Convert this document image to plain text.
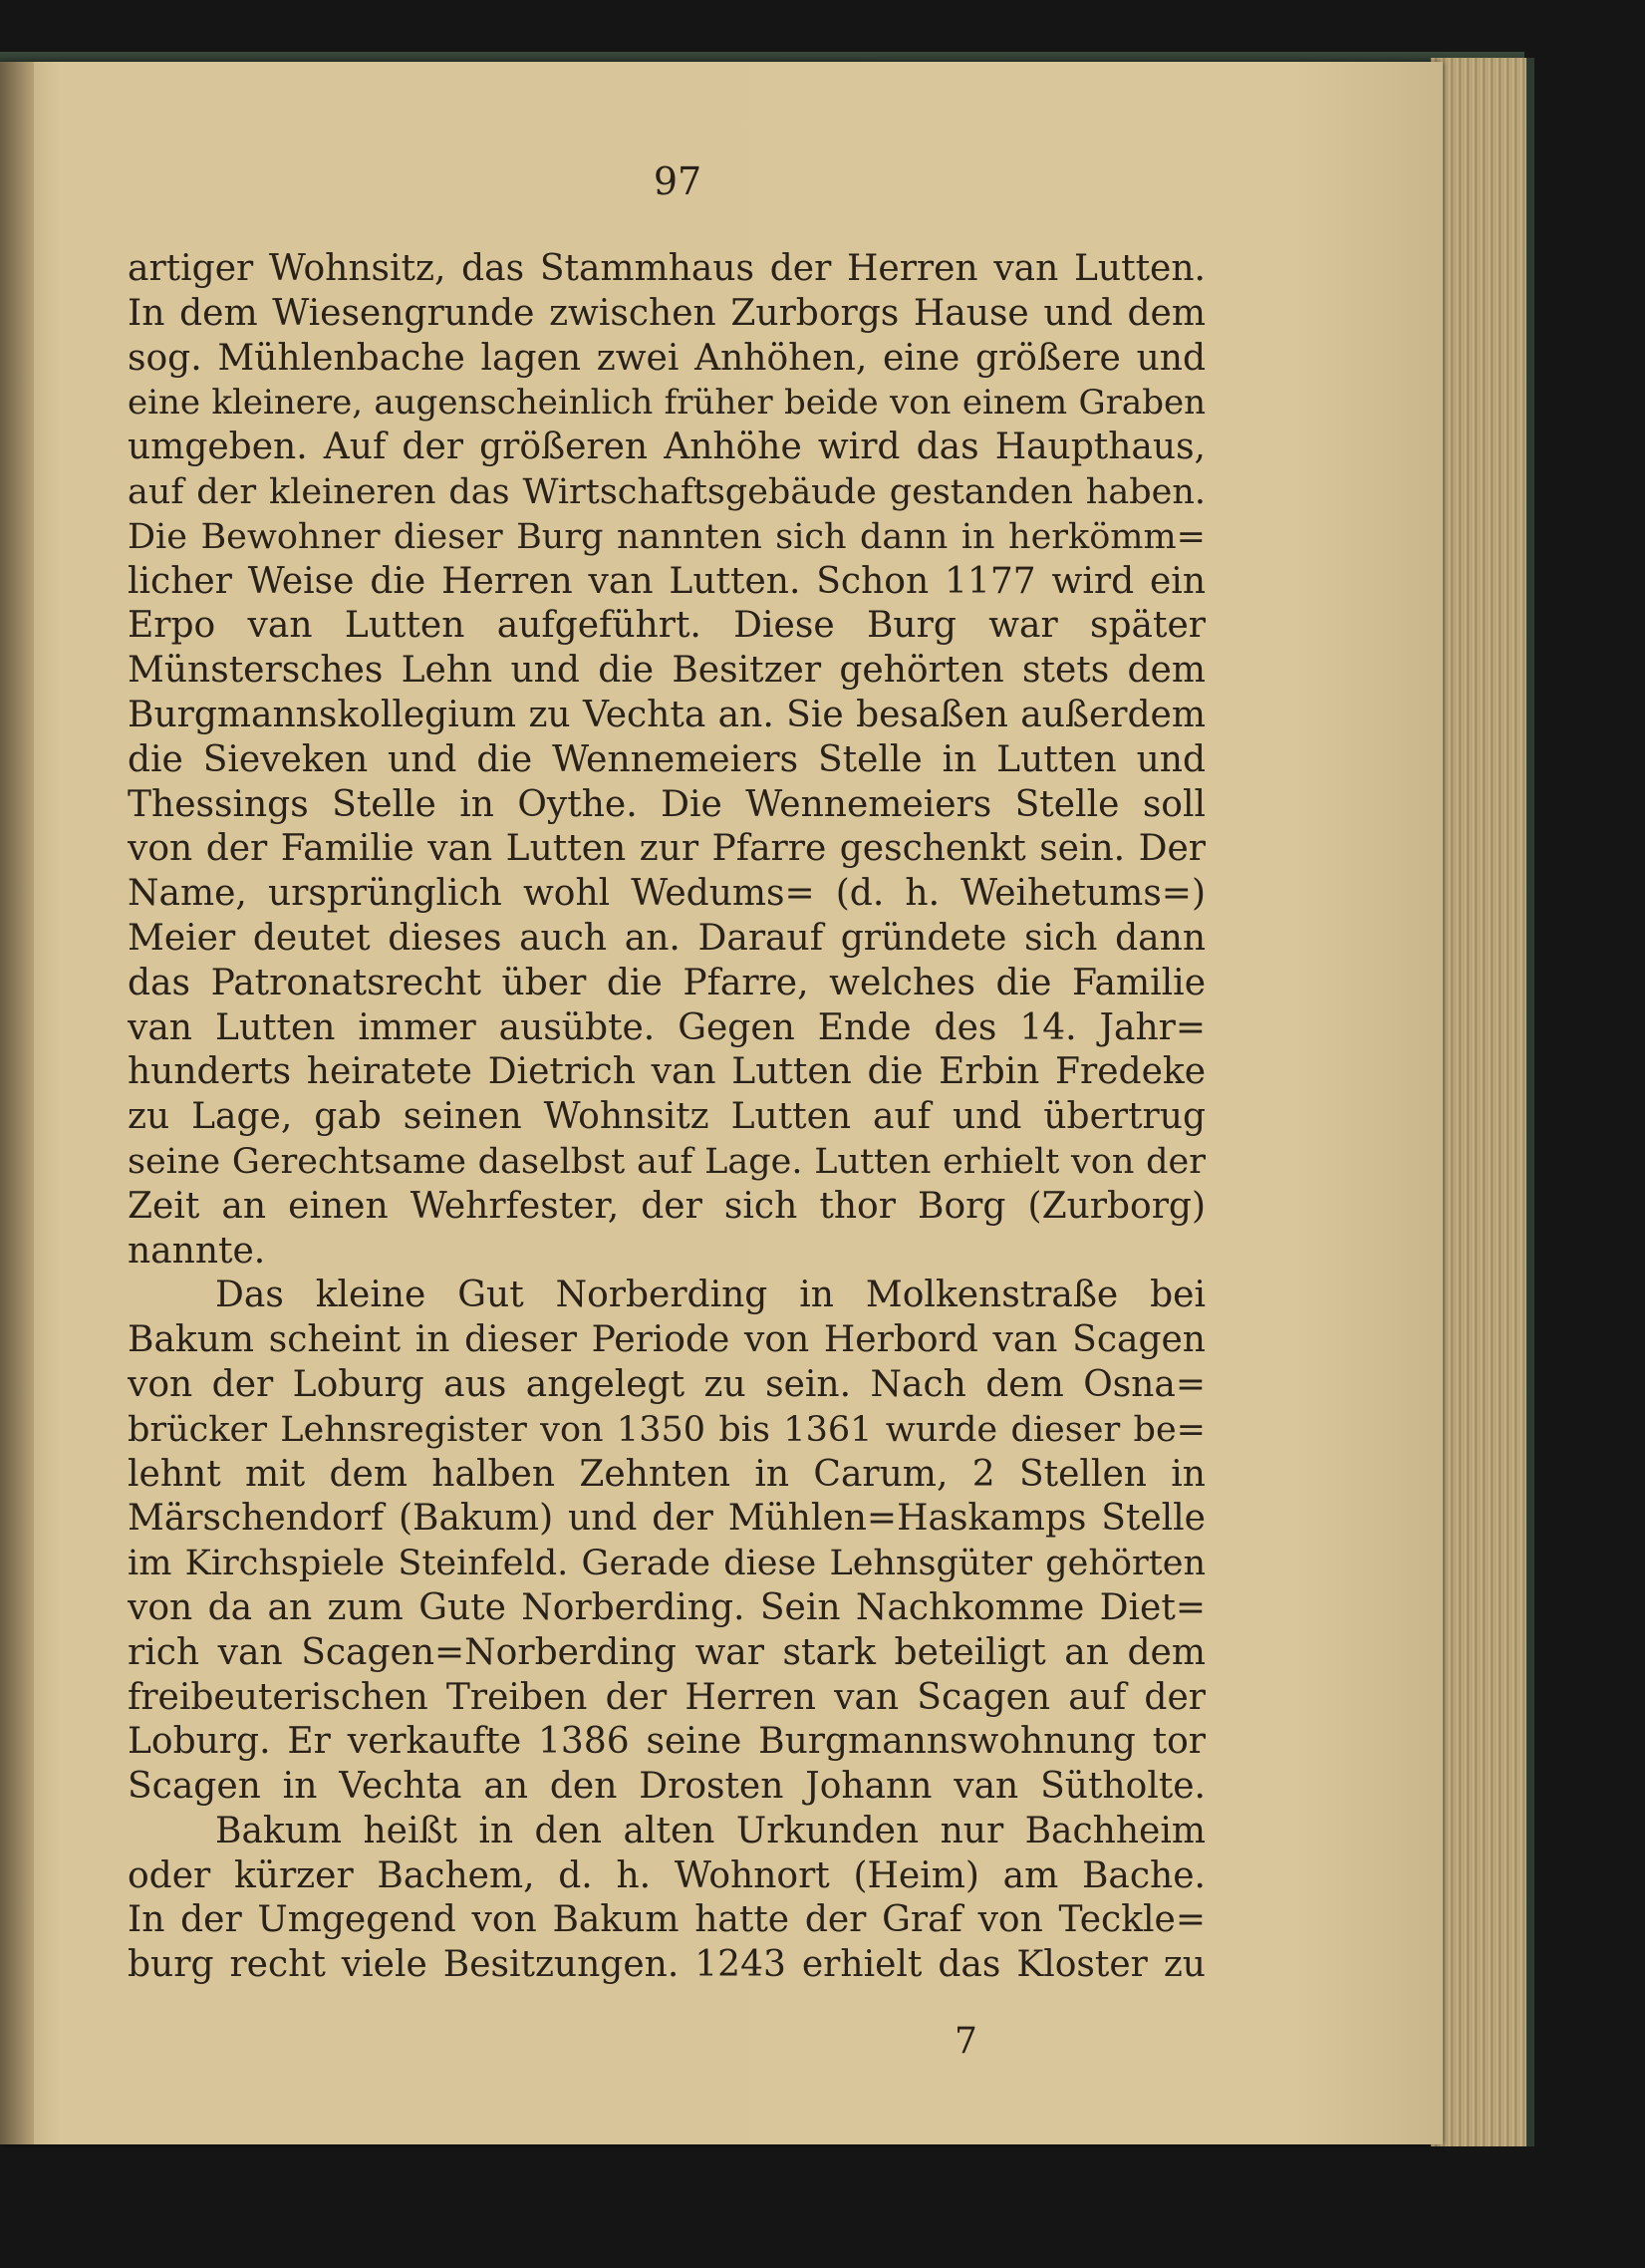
97
artiger Wohnsitz, das Stammhaus der Herren van Lutten.
In dem Wiesengrunde zwischen Zurborgs Hause und dem
sog. Mühlenbache lagen zwei Anhöhen, eine größere und
eine kleinere, augenscheinlich früher beide von einem Graben
umgeben. Auf der größeren Anhöhe wird das Haupthaus,
auf der kleineren das Wirtschaftsgebäude gestanden haben.
Die Bewohner dieser Burg nannten sich dann in herkömm=
licher Weise die Herren van Lutten. Schon 1177 wird ein
Erpo van Lutten aufgeführt. Diese Burg war später
Münstersches Lehn und die Besitzer gehörten stets dem
Burgmannskollegium zu Vechta an. Sie besaßen außerdem
die Sieveken und die Wennemeiers Stelle in Lutten und
Thessings Stelle in Oythe. Die Wennemeiers Stelle soll
von der Familie van Lutten zur Pfarre geschenkt sein. Der
Name, ursprünglich wohl Wedums= (d. h. Weihetums=)
Meier deutet dieses auch an. Darauf gründete sich dann
das Patronatsrecht über die Pfarre, welches die Familie
van Lutten immer ausübte. Gegen Ende des 14. Jahr=
hunderts heiratete Dietrich van Lutten die Erbin Fredeke
zu Lage, gab seinen Wohnsitz Lutten auf und übertrug
seine Gerechtsame daselbst auf Lage. Lutten erhielt von der
Zeit an einen Wehrfester, der sich thor Borg (Zurborg)
nannte.
Das kleine Gut Norberding in Molkenstraße bei
Bakum scheint in dieser Periode von Herbord van Scagen
von der Loburg aus angelegt zu sein. Nach dem Osna=
brücker Lehnsregister von 1350 bis 1361 wurde dieser be=
lehnt mit dem halben Zehnten in Carum, 2 Stellen in
Märschendorf (Bakum) und der Mühlen=Haskamps Stelle
im Kirchspiele Steinfeld. Gerade diese Lehnsgüter gehörten
von da an zum Gute Norberding. Sein Nachkomme Diet=
rich van Scagen=Norberding war stark beteiligt an dem
freibeuterischen Treiben der Herren van Scagen auf der
Loburg. Er verkaufte 1386 seine Burgmannswohnung tor
Scagen in Vechta an den Drosten Johann van Sütholte.
Bakum heißt in den alten Urkunden nur Bachheim
oder kürzer Bachem, d. h. Wohnort (Heim) am Bache.
In der Umgegend von Bakum hatte der Graf von Teckle=
burg recht viele Besitzungen. 1243 erhielt das Kloster zu
7
